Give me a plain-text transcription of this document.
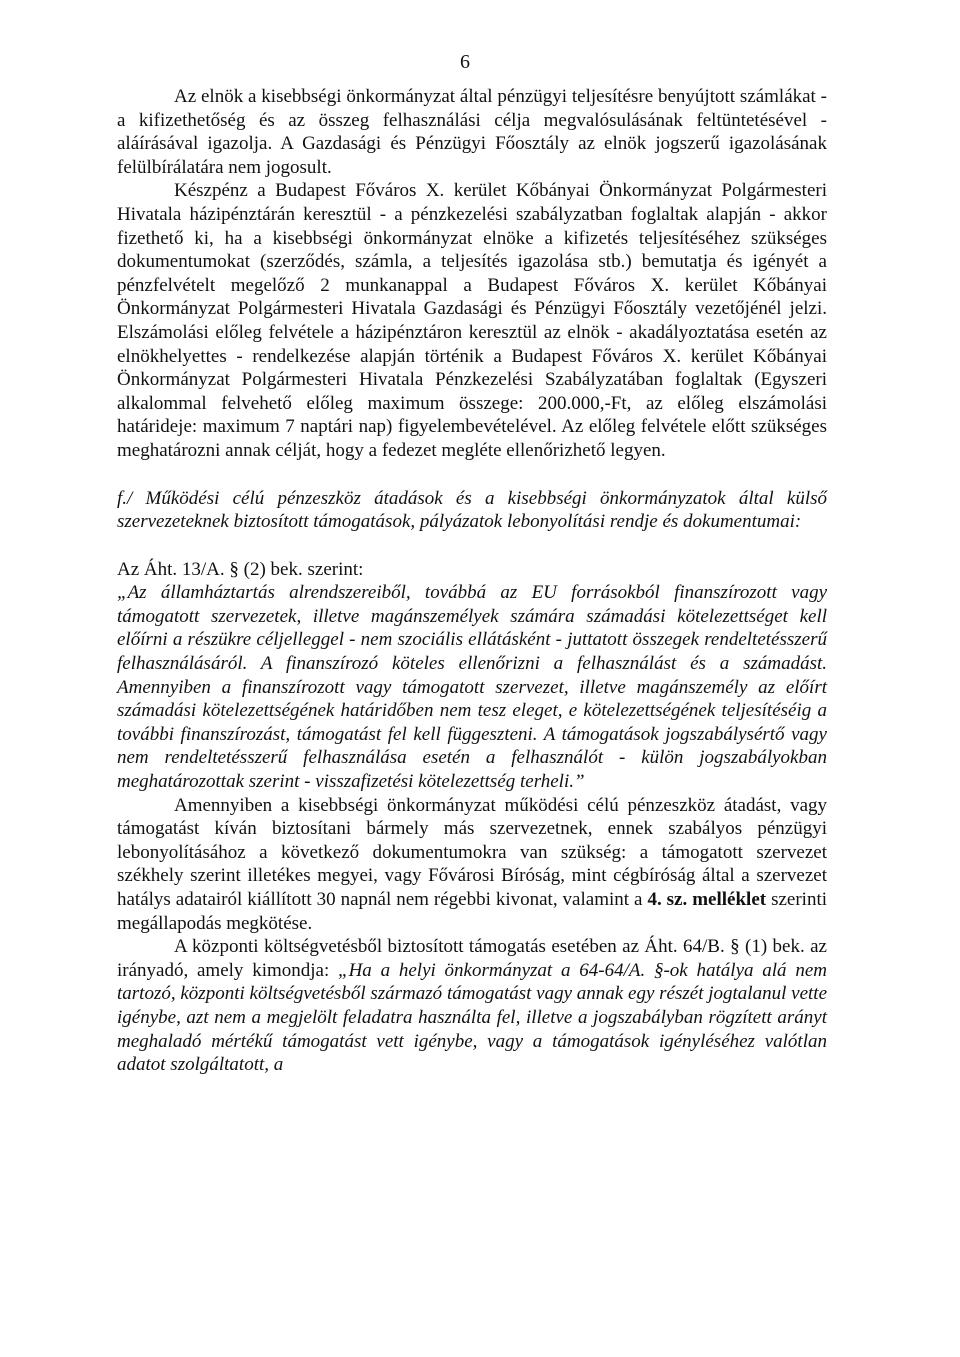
6

Az elnök a kisebbségi önkormányzat által pénzügyi teljesítésre benyújtott számlákat - a kifizethetőség és az összeg felhasználási célja megvalósulásának feltüntetésével - aláírásával igazolja. A Gazdasági és Pénzügyi Főosztály az elnök jogszerű igazolásának felülbírálatára nem jogosult.

Készpénz a Budapest Főváros X. kerület Kőbányai Önkormányzat Polgármesteri Hivatala házipénztárán keresztül - a pénzkezelési szabályzatban foglaltak alapján - akkor fizethető ki, ha a kisebbségi önkormányzat elnöke a kifizetés teljesítéséhez szükséges dokumentumokat (szerződés, számla, a teljesítés igazolása stb.) bemutatja és igényét a pénzfelvételt megelőző 2 munkanappal a Budapest Főváros X. kerület Kőbányai Önkormányzat Polgármesteri Hivatala Gazdasági és Pénzügyi Főosztály vezetőjénél jelzi. Elszámolási előleg felvétele a házipénztáron keresztül az elnök - akadályoztatása esetén az elnökhelyettes - rendelkezése alapján történik a Budapest Főváros X. kerület Kőbányai Önkormányzat Polgármesteri Hivatala Pénzkezelési Szabályzatában foglaltak (Egyszeri alkalommal felvehető előleg maximum összege: 200.000,-Ft, az előleg elszámolási határideje: maximum 7 naptári nap) figyelembevételével. Az előleg felvétele előtt szükséges meghatározni annak célját, hogy a fedezet megléte ellenőrizhető legyen.

f./ Működési célú pénzeszköz átadások és a kisebbségi önkormányzatok által külső szervezeteknek biztosított támogatások, pályázatok lebonyolítási rendje és dokumentumai:

Az Áht. 13/A. § (2) bek. szerint:

„Az államháztartás alrendszereiből, továbbá az EU forrásokból finanszírozott vagy támogatott szervezetek, illetve magánszemélyek számára számadási kötelezettséget kell előírni a részükre céljelleggel - nem szociális ellátásként - juttatott összegek rendeltetésszerű felhasználásáról. A finanszírozó köteles ellenőrizni a felhasználást és a számadást. Amennyiben a finanszírozott vagy támogatott szervezet, illetve magánszemély az előírt számadási kötelezettségének határidőben nem tesz eleget, e kötelezettségének teljesítéséig a további finanszírozást, támogatást fel kell függeszteni. A támogatások jogszabálysértő vagy nem rendeltetésszerű felhasználása esetén a felhasználót - külön jogszabályokban meghatározottak szerint - visszafizetési kötelezettség terheli.”

Amennyiben a kisebbségi önkormányzat működési célú pénzeszköz átadást, vagy támogatást kíván biztosítani bármely más szervezetnek, ennek szabályos pénzügyi lebonyolításához a következő dokumentumokra van szükség: a támogatott szervezet székhely szerint illetékes megyei, vagy Fővárosi Bíróság, mint cégbíróság által a szervezet hatálys adatairól kiállított 30 napnál nem régebbi kivonat, valamint a 4. sz. melléklet szerinti megállapodás megkötése.

A központi költségvetésből biztosított támogatás esetében az Áht. 64/B. § (1) bek. az irányadó, amely kimondja: „Ha a helyi önkormányzat a 64-64/A. §-ok hatálya alá nem tartozó, központi költségvetésből származó támogatást vagy annak egy részét jogtalanul vette igénybe, azt nem a megjelölt feladatra használta fel, illetve a jogszabályban rögzített arányt meghaladó mértékű támogatást vett igénybe, vagy a támogatások igényléséhez valótlan adatot szolgáltatott, a
